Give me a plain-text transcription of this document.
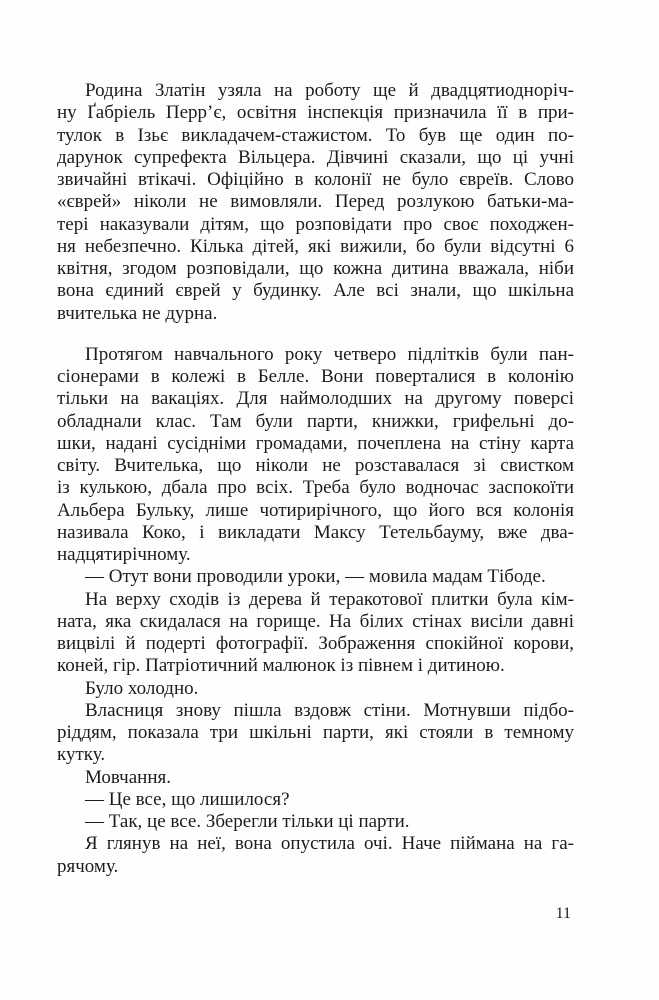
Родина Златін узяла на роботу ще й двадцятиодноріч-
ну Ґабріель Перр’є, освітня інспекція призначила її в при-
тулок в Ізьє викладачем-стажистом. То був ще один по-
дарунок супрефекта Вільцера. Дівчині сказали, що ці учні
звичайні втікачі. Офіційно в колонії не було євреїв. Слово
«єврей» ніколи не вимовляли. Перед розлукою батьки-ма-
тері наказували дітям, що розповідати про своє походжен-
ня небезпечно. Кілька дітей, які вижили, бо були відсутні 6
квітня, згодом розповідали, що кожна дитина вважала, ніби
вона єдиний єврей у будинку. Але всі знали, що шкільна
вчителька не дурна.
Протягом навчального року четверо підлітків були пан-
сіонерами в колежі в Белле. Вони поверталися в колонію
тільки на вакаціях. Для наймолодших на другому поверсі
обладнали клас. Там були парти, книжки, грифельні до-
шки, надані сусідніми громадами, почеплена на стіну карта
світу. Вчителька, що ніколи не розставалася зі свистком
із кулькою, дбала про всіх. Треба було водночас заспокоїти
Альбера Бульку, лише чотирирічного, що його вся колонія
називала Коко, і викладати Максу Тетельбауму, вже два-
надцятирічному.
— Отут вони проводили уроки, — мовила мадам Тібоде.
На верху сходів із дерева й теракотової плитки була кім-
ната, яка скидалася на горище. На білих стінах висіли давні
вицвілі й подерті фотографії. Зображення спокійної корови,
коней, гір. Патріотичний малюнок із півнем і дитиною.
Було холодно.
Власниця знову пішла вздовж стіни. Мотнувши підбо-
ріддям, показала три шкільні парти, які стояли в темному
кутку.
Мовчання.
— Це все, що лишилося?
— Так, це все. Зберегли тільки ці парти.
Я глянув на неї, вона опустила очі. Наче піймана на га-
рячому.
11
